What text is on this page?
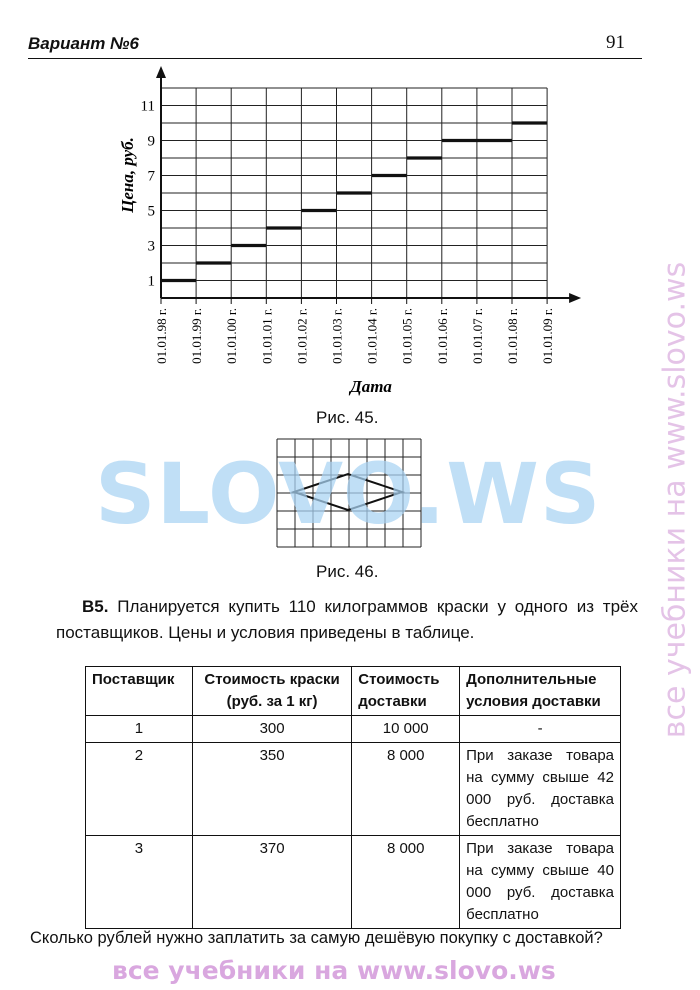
Вариант №6	91
1
3
5
7
9
11
01.01.98 г. 01.01.99 г. 01.01.00 г. 01.01.01 г. 01.01.02 г. 01.01.03 г. 01.01.04 г. 01.01.05 г. 01.01.06 г. 01.01.07 г. 01.01.08 г. 01.01.09 г.
Цена, руб.
Дата
Рис. 45.
Рис. 46.
SLOVO.WS все учебники на www.slovo.ws
В5. Планируется купить 110 килограммов краски у одного из трёх поставщиков. Цены и условия приведены в таблице.
Поставщик	Стоимость краски (руб. за 1 кг)	Стоимость доставки	Дополнительные условия доставки
1	300	10 000	-
2	350	8 000	При заказе товара на сумму свыше 42 000 руб. доставка бесплатно
3	370	8 000	При заказе товара на сумму свыше 40 000 руб. доставка бесплатно
Сколько рублей нужно заплатить за самую дешёвую покупку с доставкой?
все учебники на www.slovo.ws
